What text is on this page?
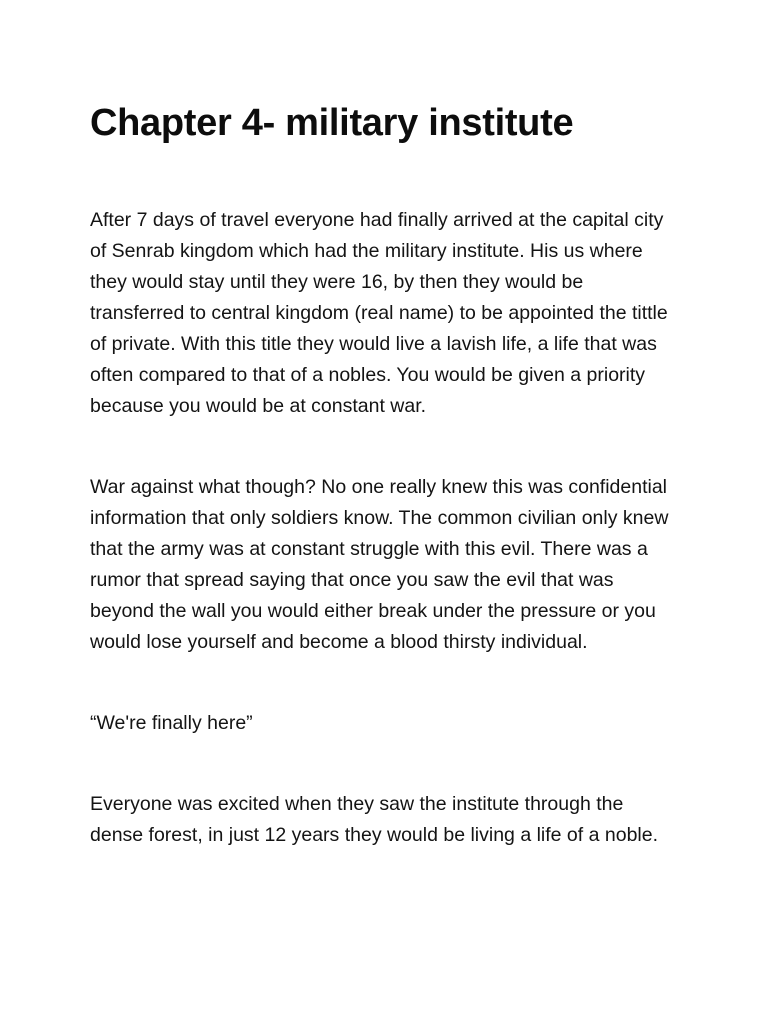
Chapter 4- military institute

After 7 days of travel everyone had finally arrived at the capital city of Senrab kingdom which had the military institute. His us where they would stay until they were 16, by then they would be transferred to central kingdom (real name) to be appointed the tittle of private. With this title they would live a lavish life, a life that was often compared to that of a nobles. You would be given a priority because you would be at constant war.

War against what though? No one really knew this was confidential information that only soldiers know. The common civilian only knew that the army was at constant struggle with this evil. There was a rumor that spread saying that once you saw the evil that was beyond the wall you would either break under the pressure or you would lose yourself and become a blood thirsty individual.

“We're finally here”

Everyone was excited when they saw the institute through the dense forest, in just 12 years they would be living a life of a noble.
